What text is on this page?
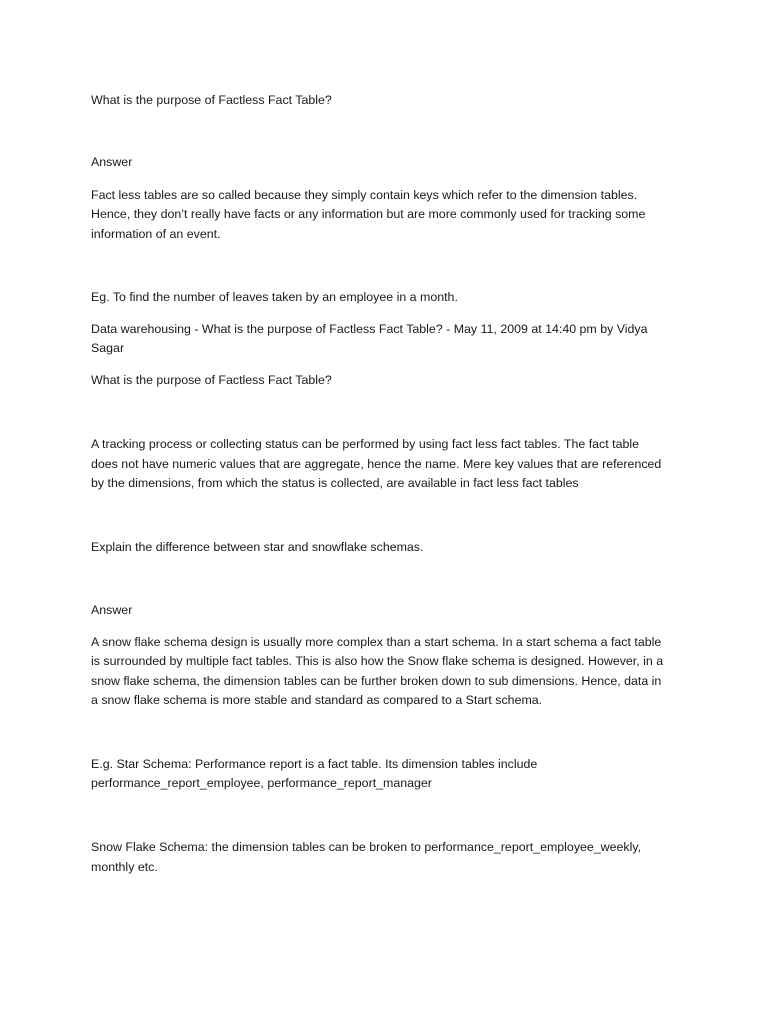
What is the purpose of Factless Fact Table?
Answer
Fact less tables are so called because they simply contain keys which refer to the dimension tables.
Hence, they don’t really have facts or any information but are more commonly used for tracking some
information of an event.
Eg. To find the number of leaves taken by an employee in a month.
Data warehousing - What is the purpose of Factless Fact Table? - May 11, 2009 at 14:40 pm by Vidya
Sagar
What is the purpose of Factless Fact Table?
A tracking process or collecting status can be performed by using fact less fact tables. The fact table
does not have numeric values that are aggregate, hence the name. Mere key values that are referenced
by the dimensions, from which the status is collected, are available in fact less fact tables
Explain the difference between star and snowflake schemas.
Answer
A snow flake schema design is usually more complex than a start schema. In a start schema a fact table
is surrounded by multiple fact tables. This is also how the Snow flake schema is designed. However, in a
snow flake schema, the dimension tables can be further broken down to sub dimensions. Hence, data in
a snow flake schema is more stable and standard as compared to a Start schema.
E.g. Star Schema: Performance report is a fact table. Its dimension tables include
performance_report_employee, performance_report_manager
Snow Flake Schema: the dimension tables can be broken to performance_report_employee_weekly,
monthly etc.
